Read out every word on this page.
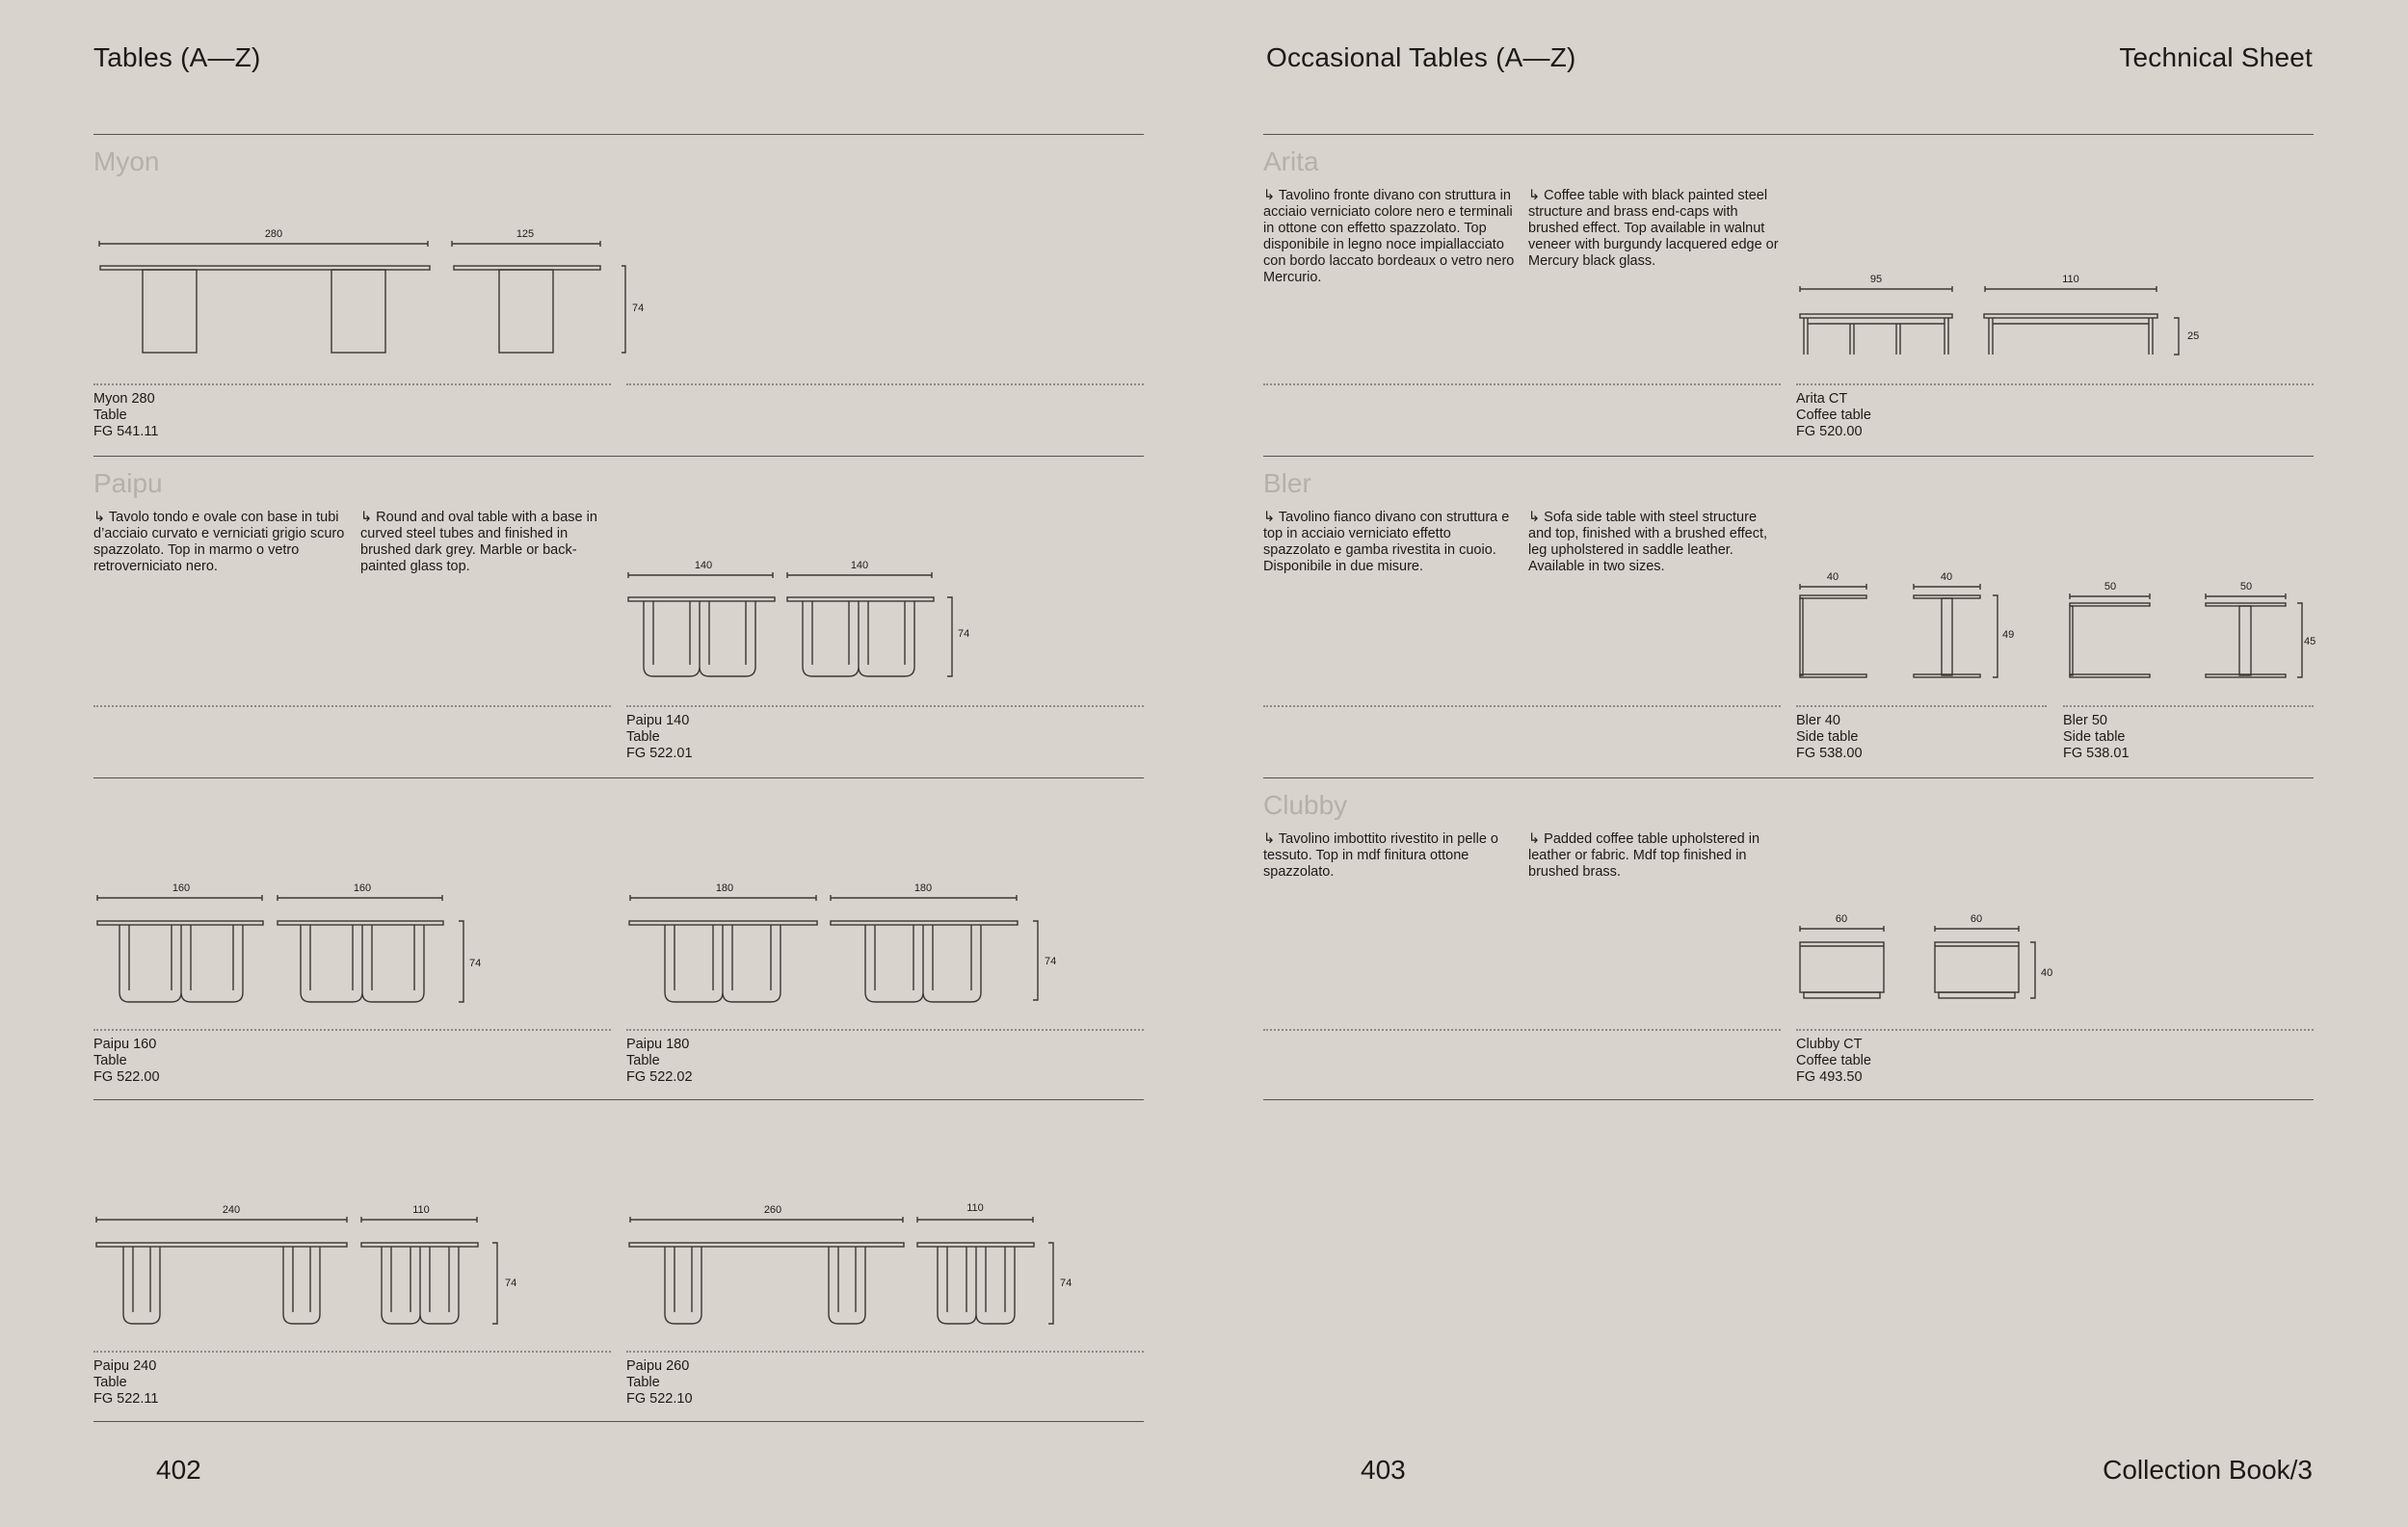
Tables (A—Z)	Occasional Tables (A—Z)	Technical Sheet
402	403	Collection Book/3
Myon
Paipu
Arita
Bler
Clubby
↳ Tavolo tondo e ovale con base in tubi d’acciaio curvato e verniciati grigio scuro spazzolato. Top in marmo o vetro retroverniciato nero.
↳ Round and oval table with a base in curved steel tubes and finished in brushed dark grey. Marble or back-painted glass top.
↳ Tavolino fronte divano con struttura in acciaio verniciato colore nero e terminali in ottone con effetto spazzolato. Top disponibile in legno noce impiallacciato con bordo laccato bordeaux o vetro nero Mercurio.
↳ Coffee table with black painted steel structure and brass end-caps with brushed effect. Top available in walnut veneer with burgundy lacquered edge or Mercury black glass.
↳ Tavolino fianco divano con struttura e top in acciaio verniciato effetto spazzolato e gamba rivestita in cuoio. Disponibile in due misure.
↳ Sofa side table with steel structure and top, finished with a brushed effect, leg upholstered in saddle leather. Available in two sizes.
↳ Tavolino imbottito rivestito in pelle o tessuto. Top in mdf finitura ottone spazzolato.
↳ Padded coffee table upholstered in leather or fabric. Mdf top finished in brushed brass.
Myon 280
Table
FG 541.11
Paipu 140
Table
FG 522.01
Paipu 160
Table
FG 522.00
Paipu 180
Table
FG 522.02
Paipu 240
Table
FG 522.11
Paipu 260
Table
FG 522.10
Arita CT
Coffee table
FG 520.00
Bler 40
Side table
FG 538.00
Bler 50
Side table
FG 538.01
Clubby CT
Coffee table
FG 493.50
280	125
74
140	140
74
160	160
74
180	180
74
240	110
74
260	110
74
95	110
25
40	40
49
50	50
45
60	60
40
